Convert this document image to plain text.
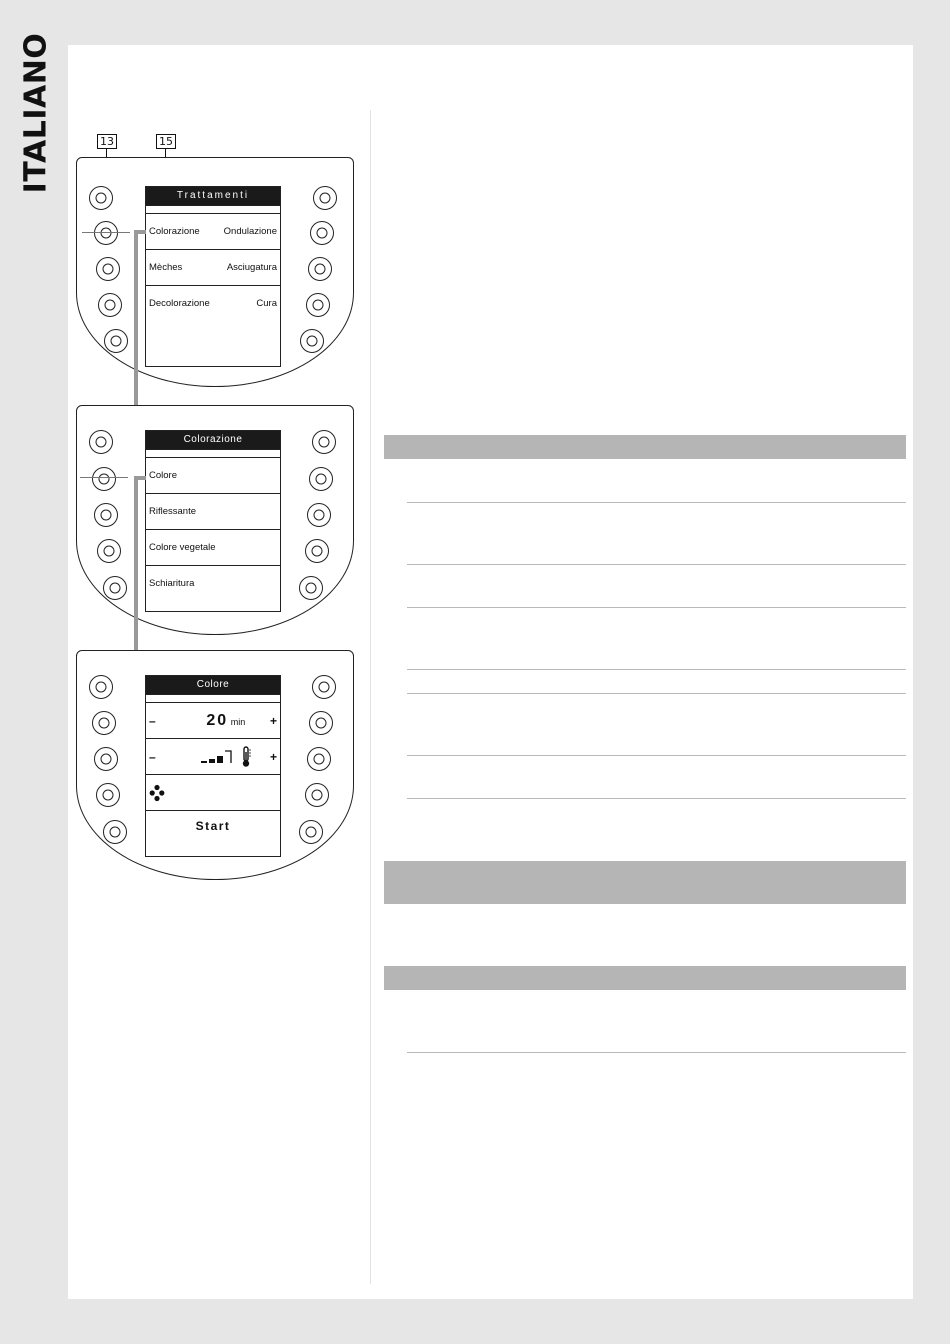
ITALIANO	13	15
Trattamenti
Colorazione	Ondulazione
Mèches	Asciugatura
Decolorazione	Cura
Colorazione
Colore
Riflessante
Colore vegetale
Schiaritura
Colore
–	20 min +
–	+
Start
